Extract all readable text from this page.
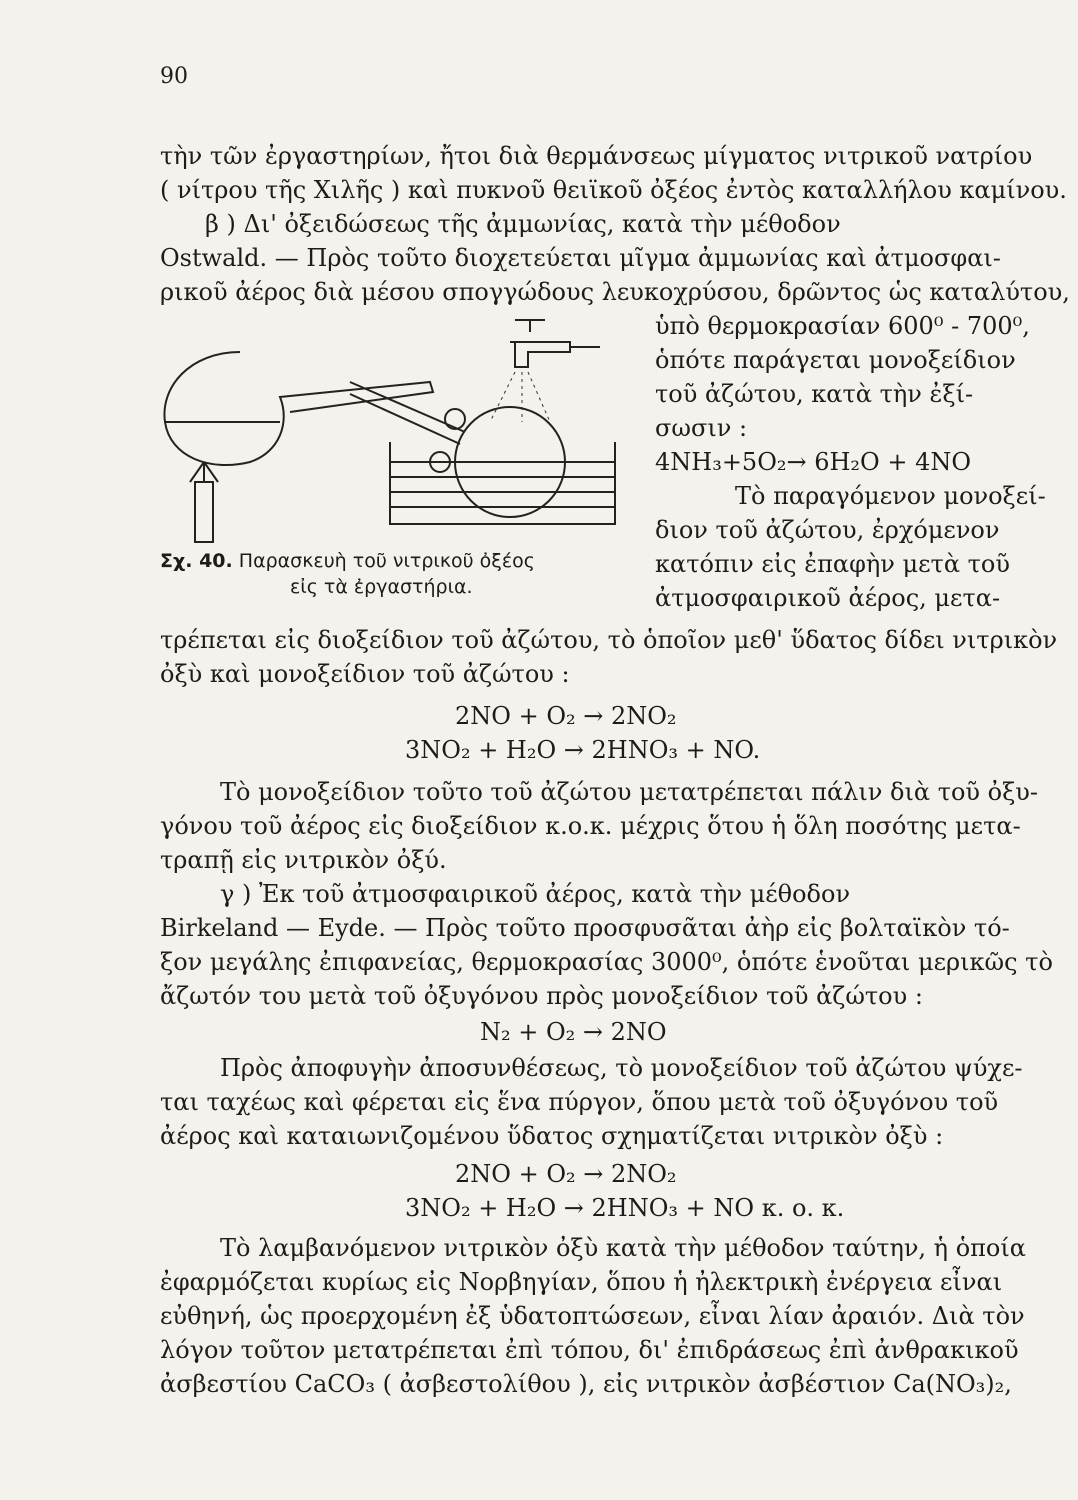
90
τὴν τῶν ἐργαστηρίων, ἤτοι διὰ θερμάνσεως μίγματος νιτρικοῦ νατρίου
( νίτρου τῆς Χιλῆς ) καὶ πυκνοῦ θειϊκοῦ ὀξέος ἐντὸς καταλλήλου καμίνου.
β ) Δι' ὀξειδώσεως τῆς ἀμμωνίας, κατὰ τὴν μέθοδον
Ostwald. — Πρὸς τοῦτο διοχετεύεται μῖγμα ἀμμωνίας καὶ ἀτμοσφαι-
ρικοῦ ἀέρος διὰ μέσου σπογγώδους λευκοχρύσου, δρῶντος ὡς καταλύτου,
ὑπὸ θερμοκρασίαν 600⁰ - 700⁰,
ὁπότε παράγεται μονοξείδιον
τοῦ ἀζώτου, κατὰ τὴν ἐξί-
σωσιν :
4NH₃+5O₂→ 6H₂O + 4NO
Τὸ παραγόμενον μονοξεί-
διον τοῦ ἀζώτου, ἐρχόμενον
κατόπιν εἰς ἐπαφὴν μετὰ τοῦ
ἀτμοσφαιρικοῦ ἀέρος, μετα-
Σχ. 40. Παρασκευὴ τοῦ νιτρικοῦ ὀξέος
εἰς τὰ ἐργαστήρια.
τρέπεται εἰς διοξείδιον τοῦ ἀζώτου, τὸ ὁποῖον μεθ' ὕδατος δίδει νιτρικὸν
ὀξὺ καὶ μονοξείδιον τοῦ ἀζώτου :
2NO + O₂ → 2NO₂
3NO₂ + H₂O → 2HNO₃ + NO.
Τὸ μονοξείδιον τοῦτο τοῦ ἀζώτου μετατρέπεται πάλιν διὰ τοῦ ὀξυ-
γόνου τοῦ ἀέρος εἰς διοξείδιον κ.ο.κ. μέχρις ὅτου ἡ ὅλη ποσότης μετα-
τραπῇ εἰς νιτρικὸν ὀξύ.
γ ) Ἐκ τοῦ ἀτμοσφαιρικοῦ ἀέρος, κατὰ τὴν μέθοδον
Birkeland — Eyde. — Πρὸς τοῦτο προσφυσᾶται ἀὴρ εἰς βολταϊκὸν τό-
ξον μεγάλης ἐπιφανείας, θερμοκρασίας 3000⁰, ὁπότε ἑνοῦται μερικῶς τὸ
ἄζωτόν του μετὰ τοῦ ὀξυγόνου πρὸς μονοξείδιον τοῦ ἀζώτου :
N₂ + O₂ → 2NO
Πρὸς ἀποφυγὴν ἀποσυνθέσεως, τὸ μονοξείδιον τοῦ ἀζώτου ψύχε-
ται ταχέως καὶ φέρεται εἰς ἕνα πύργον, ὅπου μετὰ τοῦ ὀξυγόνου τοῦ
ἀέρος καὶ καταιωνιζομένου ὕδατος σχηματίζεται νιτρικὸν ὀξὺ :
2NO + O₂ → 2NO₂
3NO₂ + H₂O → 2HNO₃ + NO κ. ο. κ.
Τὸ λαμβανόμενον νιτρικὸν ὀξὺ κατὰ τὴν μέθοδον ταύτην, ἡ ὁποία
ἐφαρμόζεται κυρίως εἰς Νορβηγίαν, ὅπου ἡ ἠλεκτρικὴ ἐνέργεια εἶναι
εὐθηνή, ὡς προερχομένη ἐξ ὑδατοπτώσεων, εἶναι λίαν ἀραιόν. Διὰ τὸν
λόγον τοῦτον μετατρέπεται ἐπὶ τόπου, δι' ἐπιδράσεως ἐπὶ ἀνθρακικοῦ
ἀσβεστίου CaCO₃ ( ἀσβεστολίθου ), εἰς νιτρικὸν ἀσβέστιον Ca(NO₃)₂,
